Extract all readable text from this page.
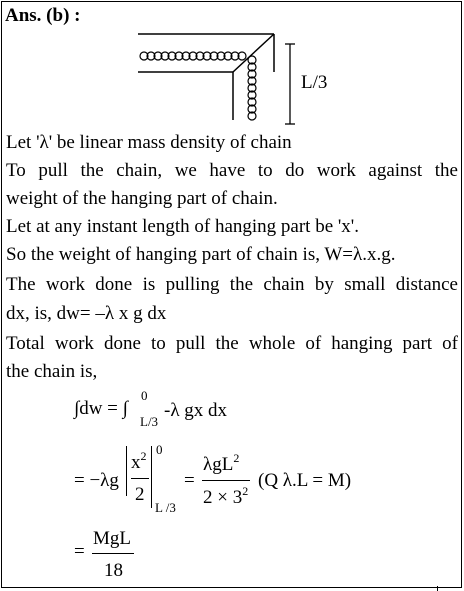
Ans. (b) :
L/3
Let 'λ' be linear mass density of chain
To pull the chain, we have to do work against the
weight of the hanging part of chain.
Let at any instant length of hanging part be 'x'.
So the weight of hanging part of chain is, W=λ.x.g.
The work done is pulling the chain by small distance
dx, is, dw= –λ x g dx
Total work done to pull the whole of hanging part of
the chain is,
∫dw = ∫
0
L/3
-λ gx dx
= −λg
$x^2$
2
0
L /3
=
λgL$^2$
$2 \times 3^2$ (Q λ.L = M)
=
MgL
18
